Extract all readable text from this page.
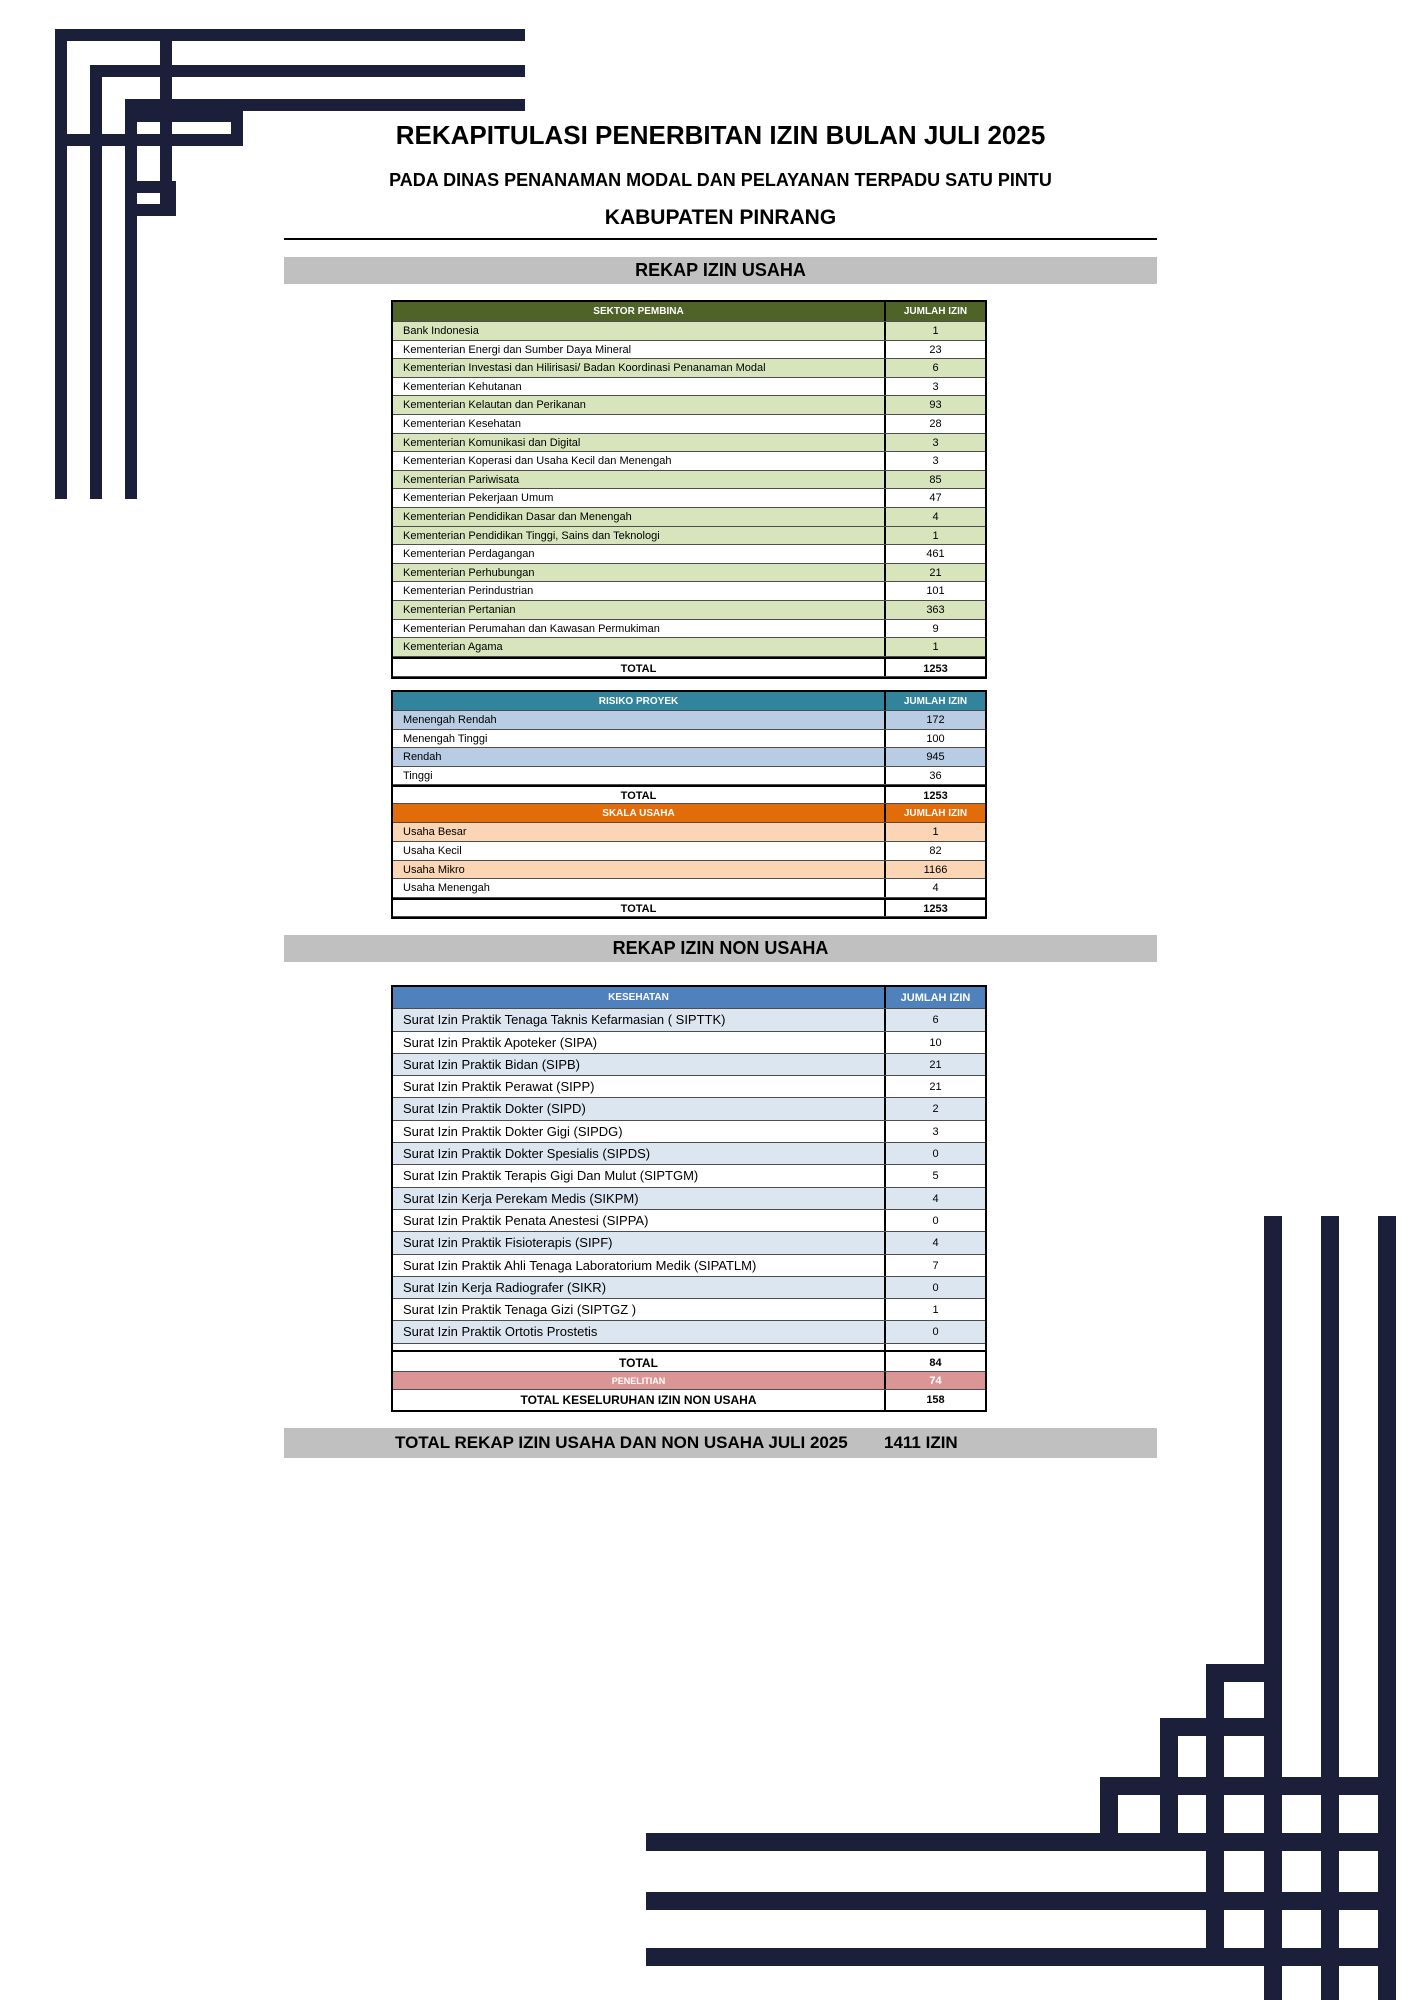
REKAPITULASI PENERBITAN IZIN BULAN JULI 2025
PADA DINAS PENANAMAN MODAL DAN PELAYANAN TERPADU SATU PINTU
KABUPATEN PINRANG
REKAP IZIN USAHA
SEKTOR PEMBINA	JUMLAH IZIN
Bank Indonesia	1
Kementerian Energi dan Sumber Daya Mineral	23
Kementerian Investasi dan Hilirisasi/ Badan Koordinasi Penanaman Modal	6
Kementerian Kehutanan	3
Kementerian Kelautan dan Perikanan	93
Kementerian Kesehatan	28
Kementerian Komunikasi dan Digital	3
Kementerian Koperasi dan Usaha Kecil dan Menengah	3
Kementerian Pariwisata	85
Kementerian Pekerjaan Umum	47
Kementerian Pendidikan Dasar dan Menengah	4
Kementerian Pendidikan Tinggi, Sains dan Teknologi	1
Kementerian Perdagangan	461
Kementerian Perhubungan	21
Kementerian Perindustrian	101
Kementerian Pertanian	363
Kementerian Perumahan dan Kawasan Permukiman	9
Kementerian Agama	1
TOTAL	1253
RISIKO PROYEK	JUMLAH IZIN
Menengah Rendah	172
Menengah Tinggi	100
Rendah	945
Tinggi	36
TOTAL	1253
SKALA USAHA	JUMLAH IZIN
Usaha Besar	1
Usaha Kecil	82
Usaha Mikro	1166
Usaha Menengah	4
TOTAL	1253
REKAP IZIN NON USAHA
KESEHATAN	JUMLAH IZIN
Surat Izin Praktik Tenaga Taknis Kefarmasian ( SIPTTK)	6
Surat Izin Praktik Apoteker (SIPA)	10
Surat Izin Praktik Bidan (SIPB)	21
Surat Izin Praktik Perawat (SIPP)	21
Surat Izin Praktik Dokter (SIPD)	2
Surat Izin Praktik Dokter Gigi (SIPDG)	3
Surat Izin Praktik Dokter Spesialis (SIPDS)	0
Surat Izin Praktik Terapis Gigi Dan Mulut (SIPTGM)	5
Surat Izin Kerja Perekam Medis (SIKPM)	4
Surat Izin Praktik Penata Anestesi (SIPPA)	0
Surat Izin Praktik Fisioterapis (SIPF)	4
Surat Izin Praktik Ahli Tenaga Laboratorium Medik (SIPATLM)	7
Surat Izin Kerja Radiografer (SIKR)	0
Surat Izin Praktik Tenaga Gizi (SIPTGZ )	1
Surat Izin Praktik Ortotis Prostetis	0
TOTAL	84
PENELITIAN	74
TOTAL KESELURUHAN IZIN NON USAHA	158
TOTAL REKAP IZIN USAHA DAN NON USAHA JULI 2025 1411 IZIN
